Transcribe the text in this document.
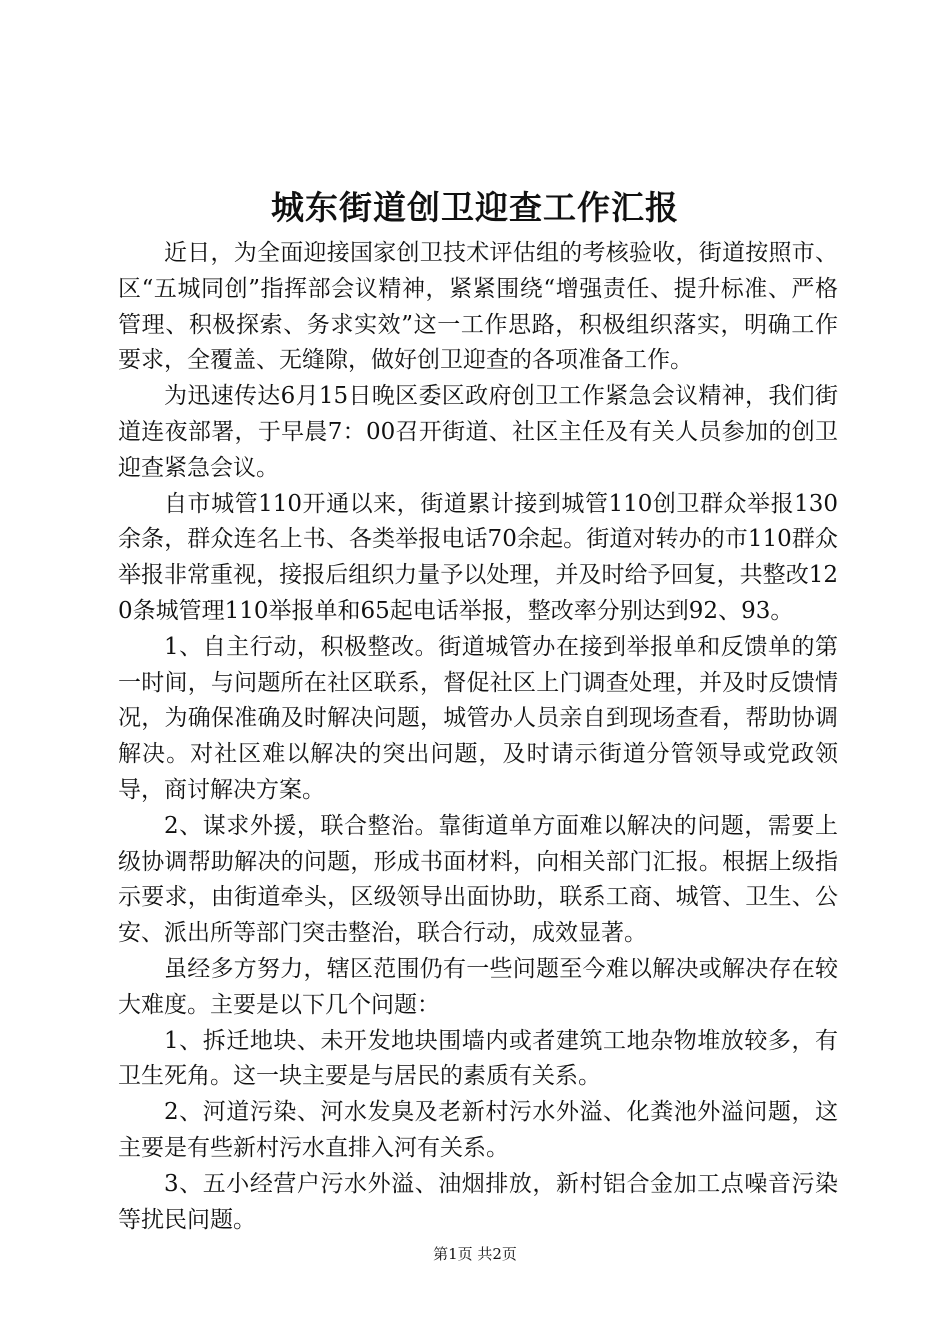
城东街道创卫迎查工作汇报

近日，为全面迎接国家创卫技术评估组的考核验收，街道按照市、区“五城同创”指挥部会议精神，紧紧围绕“增强责任、提升标准、严格管理、积极探索、务求实效”这一工作思路，积极组织落实，明确工作要求，全覆盖、无缝隙，做好创卫迎查的各项准备工作。

为迅速传达6月15日晚区委区政府创卫工作紧急会议精神，我们街道连夜部署，于早晨7：00召开街道、社区主任及有关人员参加的创卫迎查紧急会议。

自市城管110开通以来，街道累计接到城管110创卫群众举报130余条，群众连名上书、各类举报电话70余起。街道对转办的市110群众举报非常重视，接报后组织力量予以处理，并及时给予回复，共整改120条城管理110举报单和65起电话举报，整改率分别达到92、93。

1、自主行动，积极整改。街道城管办在接到举报单和反馈单的第一时间，与问题所在社区联系，督促社区上门调查处理，并及时反馈情况，为确保准确及时解决问题，城管办人员亲自到现场查看，帮助协调解决。对社区难以解决的突出问题，及时请示街道分管领导或党政领导，商讨解决方案。

2、谋求外援，联合整治。靠街道单方面难以解决的问题，需要上级协调帮助解决的问题，形成书面材料，向相关部门汇报。根据上级指示要求，由街道牵头，区级领导出面协助，联系工商、城管、卫生、公安、派出所等部门突击整治，联合行动，成效显著。

虽经多方努力，辖区范围仍有一些问题至今难以解决或解决存在较大难度。主要是以下几个问题：

1、拆迁地块、未开发地块围墙内或者建筑工地杂物堆放较多，有卫生死角。这一块主要是与居民的素质有关系。

2、河道污染、河水发臭及老新村污水外溢、化粪池外溢问题，这主要是有些新村污水直排入河有关系。

3、五小经营户污水外溢、油烟排放，新村铝合金加工点噪音污染等扰民问题。

第1页 共2页
